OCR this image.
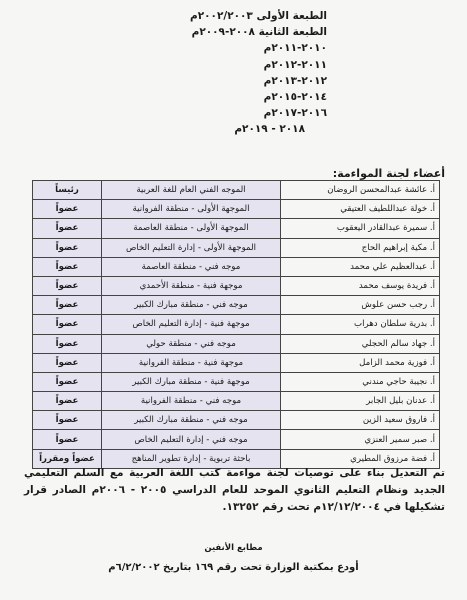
الطبعة الأولى ٢٠٠٢/٢٠٠٣م
الطبعة الثانية ٢٠٠٨-٢٠٠٩م
٢٠١٠-٢٠١١م
٢٠١١-٢٠١٢م
٢٠١٢-٢٠١٣م
٢٠١٤-٢٠١٥م
٢٠١٦-٢٠١٧م
٢٠١٨ - ٢٠١٩م
أعضاء لجنة المواءمة:
أ. عائشة عبدالمحسن الروضان	الموجه الفني العام للغة العربية	رئيساً
أ. خولة عبداللطيف العتيقي	الموجهة الأولى - منطقة الفروانية	عضواً
أ. سميرة عبدالقادر اليعقوب	الموجهة الأولى - منطقة العاصمة	عضواً
أ. مكية إبراهيم الحاج	الموجهة الأولى - إدارة التعليم الخاص	عضواً
أ. عبدالعظيم علي محمد	موجه فني - منطقة العاصمة	عضواً
أ. فريدة يوسف محمد	موجهة فنية - منطقة الأحمدي	عضواً
أ. رجب حسن علوش	موجه فني - منطقة مبارك الكبير	عضواً
أ. بدرية سلطان دهراب	موجهة فنية - إدارة التعليم الخاص	عضواً
أ. جهاد سالم الحجلي	موجه فني - منطقة حولي	عضواً
أ. فوزية محمد الزامل	موجهة فنية - منطقة الفروانية	عضواً
أ. نجيبة حاجي مندني	موجهة فنية - منطقة مبارك الكبير	عضواً
أ. عدنان بليل الجابر	موجه فني - منطقة الفروانية	عضواً
أ. فاروق سعيد الزين	موجه فني - منطقة مبارك الكبير	عضواً
أ. صبر سمير العنزي	موجه فني - إدارة التعليم الخاص	عضواً
أ. فضة مرزوق المطيري	باحثة تربوية - إدارة تطوير المناهج	عضواً ومقرراً
تم التعديل بناء على توصيات لجنة مواءمة كتب اللغة العربية مع السلم التعليمي الجديد ونظام التعليم الثانوي الموحد للعام الدراسي ٢٠٠٥ - ٢٠٠٦م الصادر قرار تشكيلها في ١٢/١٢/٢٠٠٤م تحت رقم ١٣٢٥٢.
مطابع الأنفين
أودع بمكتبة الوزارة تحت رقم ١٦٩ بتاريخ ٦/٢/٢٠٠٢م
